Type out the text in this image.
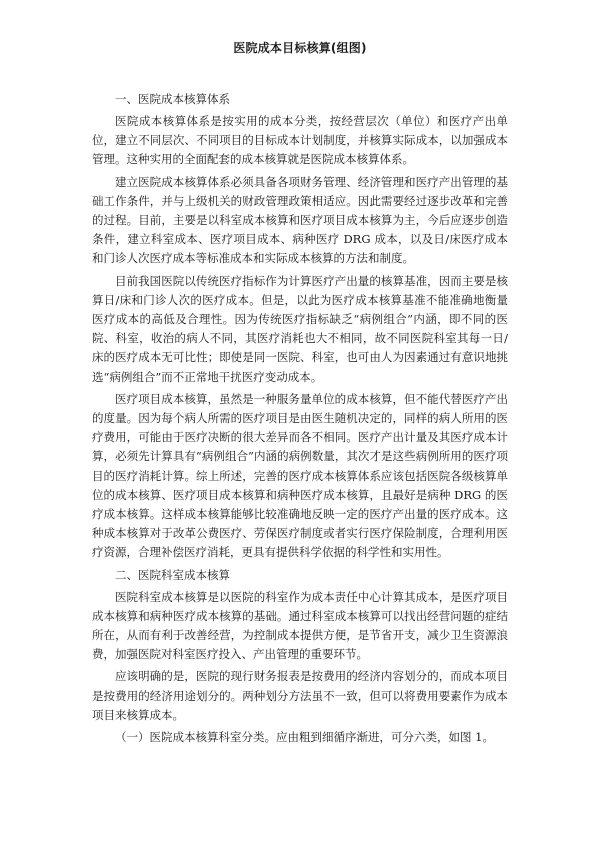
医院成本目标核算(组图)
一、医院成本核算体系

医院成本核算体系是按实用的成本分类，按经营层次（单位）和医疗产出单位，建立不同层次、不同项目的目标成本计划制度，并核算实际成本，以加强成本管理。这种实用的全面配套的成本核算就是医院成本核算体系。

建立医院成本核算体系必须具备各项财务管理、经济管理和医疗产出管理的基础工作条件，并与上级机关的财政管理政策相适应。因此需要经过逐步改革和完善的过程。目前，主要是以科室成本核算和医疗项目成本核算为主，今后应逐步创造条件，建立科室成本、医疗项目成本、病种医疗 DRG 成本，以及日/床医疗成本和门诊人次医疗成本等标准成本和实际成本核算的方法和制度。

目前我国医院以传统医疗指标作为计算医疗产出量的核算基准，因而主要是核算日/床和门诊人次的医疗成本。但是，以此为医疗成本核算基准不能准确地衡量医疗成本的高低及合理性。因为传统医疗指标缺乏“病例组合”内涵，即不同的医院、科室，收治的病人不同，其医疗消耗也大不相同，故不同医院科室其每一日/床的医疗成本无可比性；即使是同一医院、科室，也可由人为因素通过有意识地挑选“病例组合”而不正常地干扰医疗变动成本。

医疗项目成本核算，虽然是一种服务量单位的成本核算，但不能代替医疗产出的度量。因为每个病人所需的医疗项目是由医生随机决定的，同样的病人所用的医疗费用，可能由于医疗决断的很大差异而各不相同。医疗产出计量及其医疗成本计算，必须先计算具有“病例组合”内涵的病例数量，其次才是这些病例所用的医疗项目的医疗消耗计算。综上所述，完善的医疗成本核算体系应该包括医院各级核算单位的成本核算、医疗项目成本核算和病种医疗成本核算，且最好是病种 DRG 的医疗成本核算。这样成本核算能够比较准确地反映一定的医疗产出量的医疗成本。这种成本核算对于改革公费医疗、劳保医疗制度或者实行医疗保险制度，合理利用医疗资源，合理补偿医疗消耗，更具有提供科学依据的科学性和实用性。

二、医院科室成本核算

医院科室成本核算是以医院的科室作为成本责任中心计算其成本，是医疗项目成本核算和病种医疗成本核算的基础。通过科室成本核算可以找出经营问题的症结所在，从而有利于改善经营，为控制成本提供方便，是节省开支，减少卫生资源浪费，加强医院对科室医疗投入、产出管理的重要环节。

应该明确的是，医院的现行财务报表是按费用的经济内容划分的，而成本项目是按费用的经济用途划分的。两种划分方法虽不一致，但可以将费用要素作为成本项目来核算成本。

（一）医院成本核算科室分类。应由粗到细循序渐进，可分六类，如图 1。
